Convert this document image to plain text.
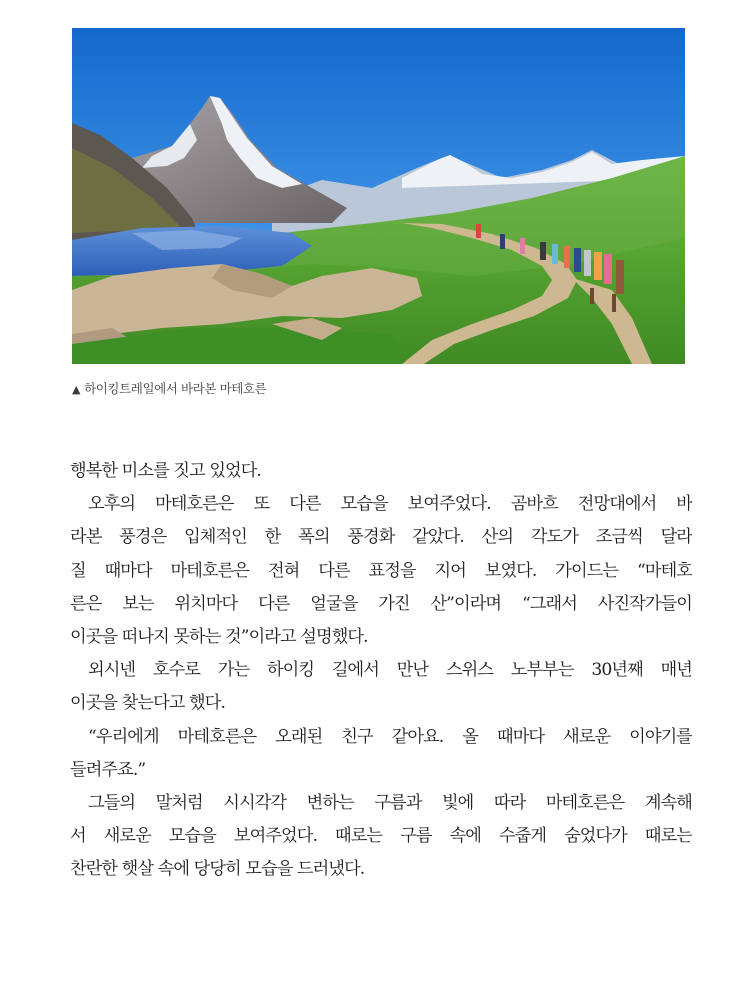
▲ 하이킹트레일에서 바라본 마테호른
행복한 미소를 짓고 있었다.
오후의 마테호른은 또 다른 모습을 보여주었다. 곰바흐 전망대에서 바
라본 풍경은 입체적인 한 폭의 풍경화 같았다. 산의 각도가 조금씩 달라
질 때마다 마테호른은 전혀 다른 표정을 지어 보였다. 가이드는 “마테호
른은 보는 위치마다 다른 얼굴을 가진 산”이라며 “그래서 사진작가들이
이곳을 떠나지 못하는 것”이라고 설명했다.
외시넨 호수로 가는 하이킹 길에서 만난 스위스 노부부는 30년째 매년
이곳을 찾는다고 했다.
“우리에게 마테호른은 오래된 친구 같아요. 올 때마다 새로운 이야기를
들려주죠.”
그들의 말처럼 시시각각 변하는 구름과 빛에 따라 마테호른은 계속해
서 새로운 모습을 보여주었다. 때로는 구름 속에 수줍게 숨었다가 때로는
찬란한 햇살 속에 당당히 모습을 드러냈다.
